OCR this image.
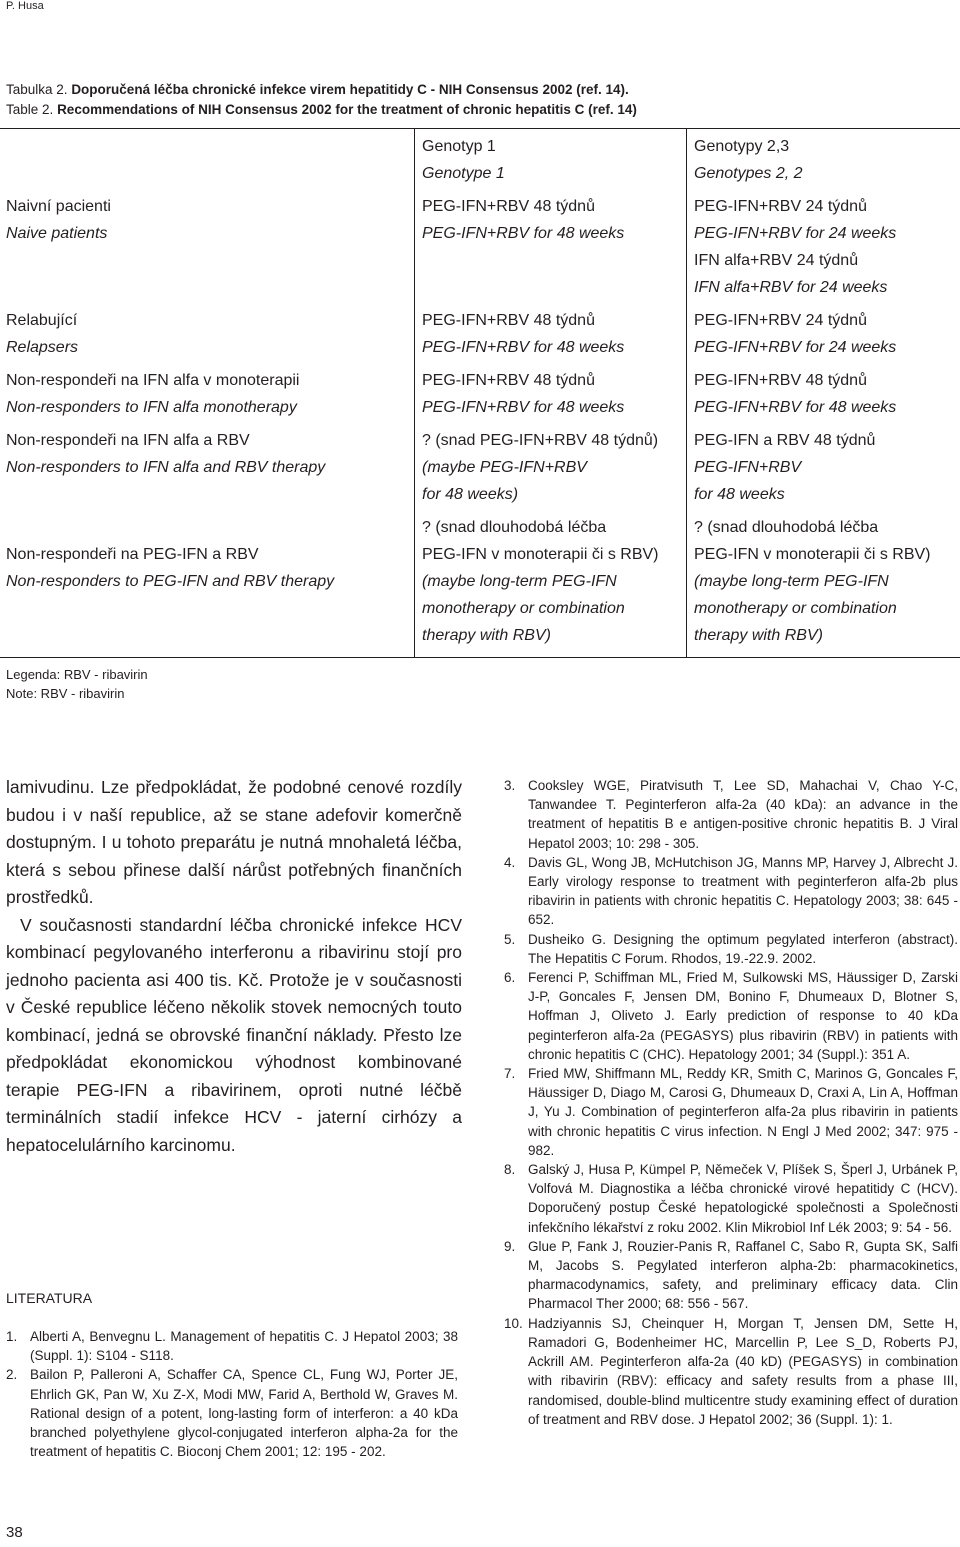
P. Husa
Tabulka 2. Doporučená léčba chronické infekce virem hepatitidy C - NIH Consensus 2002 (ref. 14).
Table 2. Recommendations of NIH Consensus 2002 for the treatment of chronic hepatitis C (ref. 14)
Genotyp 1
Genotype 1
Genotypy 2,3
Genotypes 2, 2
Naivní pacienti
Naive patients
PEG-IFN+RBV 48 týdnů
PEG-IFN+RBV for 48 weeks
PEG-IFN+RBV 24 týdnů
PEG-IFN+RBV for 24 weeks
IFN alfa+RBV 24 týdnů
IFN alfa+RBV for 24 weeks
Relabující
Relapsers
PEG-IFN+RBV 48 týdnů
PEG-IFN+RBV for 48 weeks
PEG-IFN+RBV 24 týdnů
PEG-IFN+RBV for 24 weeks
Non-respondeři na IFN alfa v monoterapii
Non-responders to IFN alfa monotherapy
PEG-IFN+RBV 48 týdnů
PEG-IFN+RBV for 48 weeks
PEG-IFN+RBV 48 týdnů
PEG-IFN+RBV for 48 weeks
Non-respondeři na IFN alfa a RBV
Non-responders to IFN alfa and RBV therapy
? (snad PEG-IFN+RBV 48 týdnů)
(maybe PEG-IFN+RBV
for 48 weeks)
PEG-IFN a RBV 48 týdnů
PEG-IFN+RBV
for 48 weeks
Non-respondeři na PEG-IFN a RBV
Non-responders to PEG-IFN and RBV therapy
? (snad dlouhodobá léčba
PEG-IFN v monoterapii či s RBV)
(maybe long-term PEG-IFN
monotherapy or combination
therapy with RBV)
? (snad dlouhodobá léčba
PEG-IFN v monoterapii či s RBV)
(maybe long-term PEG-IFN
monotherapy or combination
therapy with RBV)
Legenda: RBV - ribavirin
Note: RBV - ribavirin

lamivudinu. Lze předpokládat, že podobné cenové rozdíly budou i v naší republice, až se stane adefovir komerčně dostupným. I u tohoto preparátu je nutná mnohaletá léčba, která s sebou přinese další nárůst potřebných finančních prostředků.

V současnosti standardní léčba chronické infekce HCV kombinací pegylovaného interferonu a ribavirinu stojí pro jednoho pacienta asi 400 tis. Kč. Protože je v současnosti v České republice léčeno několik stovek nemocných touto kombinací, jedná se obrovské finanční náklady. Přesto lze předpokládat ekonomickou výhodnost kombinované terapie PEG-IFN a ribavirinem, oproti nutné léčbě terminálních stadií infekce HCV - jaterní cirhózy a hepatocelulárního karcinomu.

LITERATURA
1. Alberti A, Benvegnu L. Management of hepatitis C. J Hepatol 2003; 38 (Suppl. 1): S104 - S118.
2. Bailon P, Palleroni A, Schaffer CA, Spence CL, Fung WJ, Porter JE, Ehrlich GK, Pan W, Xu Z-X, Modi MW, Farid A, Berthold W, Graves M. Rational design of a potent, long-lasting form of interferon: a 40 kDa branched polyethylene glycol-conjugated interferon alpha-2a for the treatment of hepatitis C. Bioconj Chem 2001; 12: 195 - 202.
3. Cooksley WGE, Piratvisuth T, Lee SD, Mahachai V, Chao Y-C, Tanwandee T. Peginterferon alfa-2a (40 kDa): an advance in the treatment of hepatitis B e antigen-positive chronic hepatitis B. J Viral Hepatol 2003; 10: 298 - 305.
4. Davis GL, Wong JB, McHutchison JG, Manns MP, Harvey J, Albrecht J. Early virology response to treatment with peginterferon alfa-2b plus ribavirin in patients with chronic hepatitis C. Hepatology 2003; 38: 645 - 652.
5. Dusheiko G. Designing the optimum pegylated interferon (abstract). The Hepatitis C Forum. Rhodos, 19.-22.9. 2002.
6. Ferenci P, Schiffman ML, Fried M, Sulkowski MS, Häussiger D, Zarski J-P, Goncales F, Jensen DM, Bonino F, Dhumeaux D, Blotner S, Hoffman J, Oliveto J. Early prediction of response to 40 kDa peginterferon alfa-2a (PEGASYS) plus ribavirin (RBV) in patients with chronic hepatitis C (CHC). Hepatology 2001; 34 (Suppl.): 351 A.
7. Fried MW, Shiffmann ML, Reddy KR, Smith C, Marinos G, Goncales F, Häussiger D, Diago M, Carosi G, Dhumeaux D, Craxi A, Lin A, Hoffman J, Yu J. Combination of peginterferon alfa-2a plus ribavirin in patients with chronic hepatitis C virus infection. N Engl J Med 2002; 347: 975 - 982.
8. Galský J, Husa P, Kümpel P, Němeček V, Plíšek S, Šperl J, Urbánek P, Volfová M. Diagnostika a léčba chronické virové hepatitidy C (HCV). Doporučený postup České hepatologické společnosti a Společnosti infekčního lékařství z roku 2002. Klin Mikrobiol Inf Lék 2003; 9: 54 - 56.
9. Glue P, Fank J, Rouzier-Panis R, Raffanel C, Sabo R, Gupta SK, Salfi M, Jacobs S. Pegylated interferon alpha-2b: pharmacokinetics, pharmacodynamics, safety, and preliminary efficacy data. Clin Pharmacol Ther 2000; 68: 556 - 567.
10. Hadziyannis SJ, Cheinquer H, Morgan T, Jensen DM, Sette H, Ramadori G, Bodenheimer HC, Marcellin P, Lee S_D, Roberts PJ, Ackrill AM. Peginterferon alfa-2a (40 kD) (PEGASYS) in combination with ribavirin (RBV): efficacy and safety results from a phase III, randomised, double-blind multicentre study examining effect of duration of treatment and RBV dose. J Hepatol 2002; 36 (Suppl. 1): 1.
38
